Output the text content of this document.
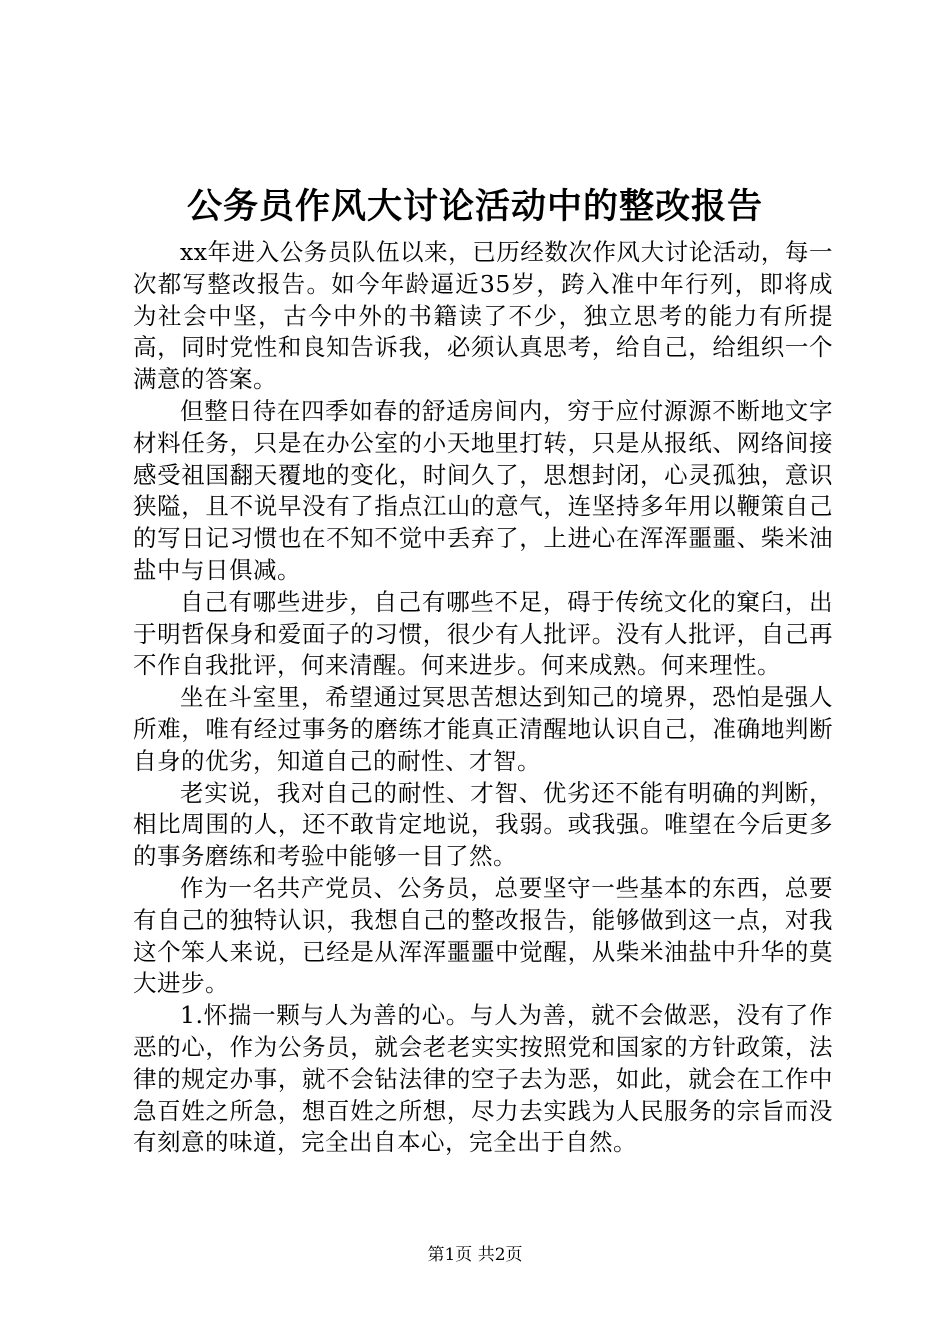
公务员作风大讨论活动中的整改报告

xx年进入公务员队伍以来，已历经数次作风大讨论活动，每一次都写整改报告。如今年龄逼近35岁，跨入准中年行列，即将成为社会中坚，古今中外的书籍读了不少，独立思考的能力有所提高，同时党性和良知告诉我，必须认真思考，给自己，给组织一个满意的答案。

但整日待在四季如春的舒适房间内，穷于应付源源不断地文字材料任务，只是在办公室的小天地里打转，只是从报纸、网络间接感受祖国翻天覆地的变化，时间久了，思想封闭，心灵孤独，意识狭隘，且不说早没有了指点江山的意气，连坚持多年用以鞭策自己的写日记习惯也在不知不觉中丢弃了，上进心在浑浑噩噩、柴米油盐中与日俱减。

自己有哪些进步，自己有哪些不足，碍于传统文化的窠臼，出于明哲保身和爱面子的习惯，很少有人批评。没有人批评，自己再不作自我批评，何来清醒。何来进步。何来成熟。何来理性。

坐在斗室里，希望通过冥思苦想达到知己的境界，恐怕是强人所难，唯有经过事务的磨练才能真正清醒地认识自己，准确地判断自身的优劣，知道自己的耐性、才智。

老实说，我对自己的耐性、才智、优劣还不能有明确的判断，相比周围的人，还不敢肯定地说，我弱。或我强。唯望在今后更多的事务磨练和考验中能够一目了然。

作为一名共产党员、公务员，总要坚守一些基本的东西，总要有自己的独特认识，我想自己的整改报告，能够做到这一点，对我这个笨人来说，已经是从浑浑噩噩中觉醒，从柴米油盐中升华的莫大进步。

1.怀揣一颗与人为善的心。与人为善，就不会做恶，没有了作恶的心，作为公务员，就会老老实实按照党和国家的方针政策，法律的规定办事，就不会钻法律的空子去为恶，如此，就会在工作中急百姓之所急，想百姓之所想，尽力去实践为人民服务的宗旨而没有刻意的味道，完全出自本心，完全出于自然。

第1页 共2页
